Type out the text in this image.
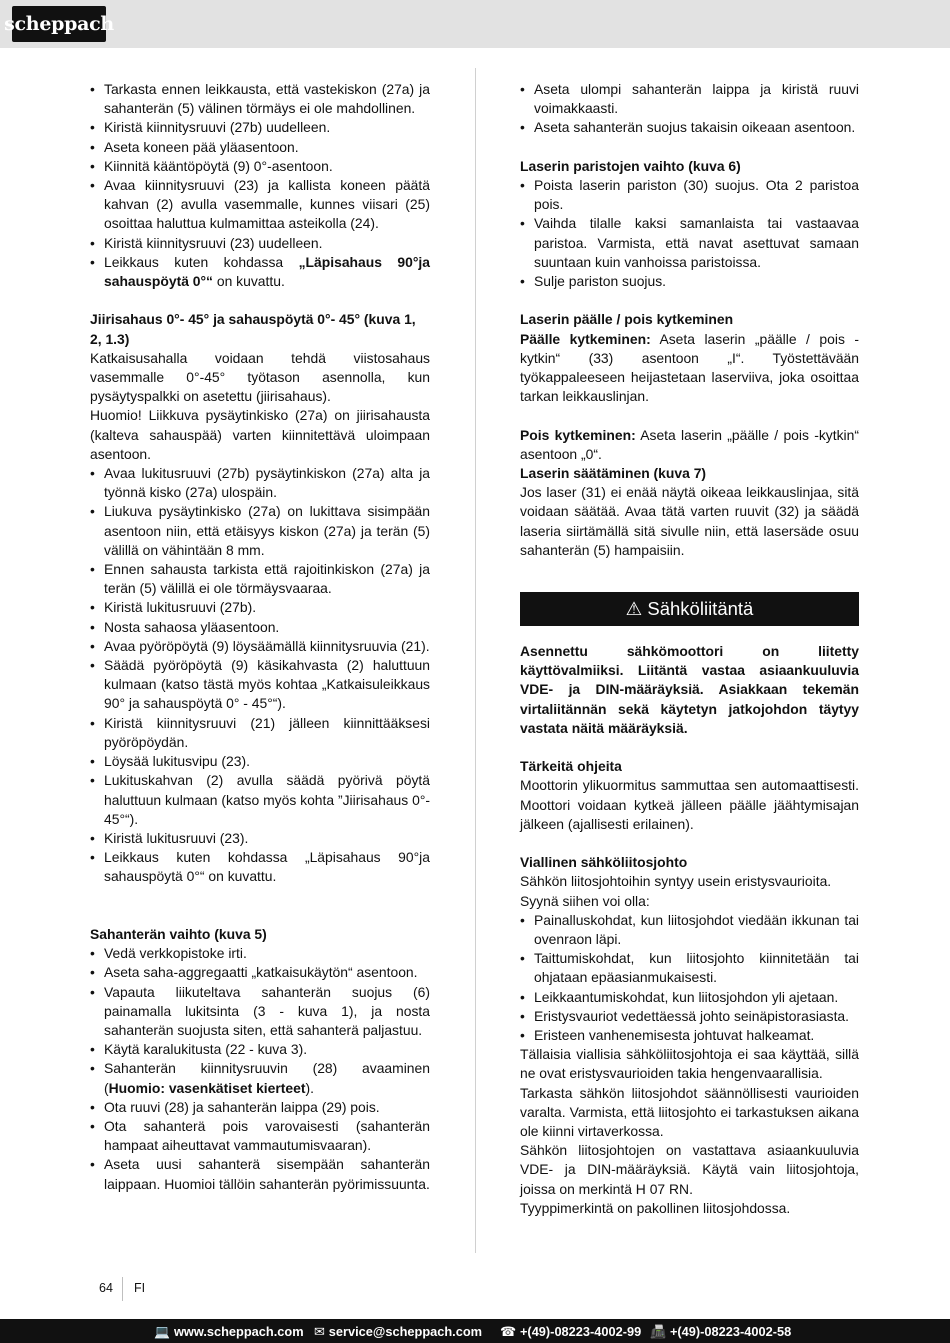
scheppach
• Tarkasta ennen leikkausta, että vastekiskon (27a) ja sahanterän (5) välinen törmäys ei ole mahdollinen.
• Kiristä kiinnitysruuvi (27b) uudelleen.
• Aseta koneen pää yläasentoon.
• Kiinnitä kääntöpöytä (9) 0°-asentoon.
• Avaa kiinnitysruuvi (23) ja kallista koneen päätä kahvan (2) avulla vasemmalle, kunnes viisari (25) osoittaa haluttua kulmamittaa asteikolla (24).
• Kiristä kiinnitysruuvi (23) uudelleen.
• Leikkaus kuten kohdassa „Läpisahaus 90°ja sahauspöytä 0°“ on kuvattu.
Jiirisahaus 0°- 45° ja sahauspöytä 0°- 45° (kuva 1, 2, 1.3)

Katkaisusahalla voidaan tehdä viistosahaus vasemmalle 0°-45° työtason asennolla, kun pysäytyspalkki on asetettu (jiirisahaus).

Huomio! Liikkuva pysäytinkisko (27a) on jiirisahausta (kalteva sahauspää) varten kiinnitettävä uloimpaan asentoon.

• Avaa lukitusruuvi (27b) pysäytinkiskon (27a) alta ja työnnä kisko (27a) ulospäin.
• Liukuva pysäytinkisko (27a) on lukittava sisimpään asentoon niin, että etäisyys kiskon (27a) ja terän (5) välillä on vähintään 8 mm.
• Ennen sahausta tarkista että rajoitinkiskon (27a) ja terän (5) välillä ei ole törmäysvaaraa.
• Kiristä lukitusruuvi (27b).
• Nosta sahaosa yläasentoon.
• Avaa pyöröpöytä (9) löysäämällä kiinnitysruuvia (21).
• Säädä pyöröpöytä (9) käsikahvasta (2) haluttuun kulmaan (katso tästä myös kohtaa „Katkaisuleikkaus 90° ja sahauspöytä 0° - 45°“).
• Kiristä kiinnitysruuvi (21) jälleen kiinnittääksesi pyöröpöydän.
• Löysää lukitusvipu (23).
• Lukituskahvan (2) avulla säädä pyörivä pöytä haluttuun kulmaan (katso myös kohta ”Jiirisahaus 0°- 45°“).
• Kiristä lukitusruuvi (23).
• Leikkaus kuten kohdassa „Läpisahaus 90°ja sahauspöytä 0°“ on kuvattu.
Sahanterän vaihto (kuva 5)
• Vedä verkkopistoke irti.
• Aseta saha-aggregaatti „katkaisukäytön“ asentoon.
• Vapauta liikuteltava sahanterän suojus (6) painamalla lukitsinta (3 - kuva 1), ja nosta sahanterän suojusta siten, että sahanterä paljastuu.
• Käytä karalukitusta (22 - kuva 3).
• Sahanterän kiinnitysruuvin (28) avaaminen (Huomio: vasenkätiset kierteet).
• Ota ruuvi (28) ja sahanterän laippa (29) pois.
• Ota sahanterä pois varovaisesti (sahanterän hampaat aiheuttavat vammautumisvaaran).
• Aseta uusi sahanterä sisempään sahanterän laippaan. Huomioi tällöin sahanterän pyörimissuunta.
• Aseta ulompi sahanterän laippa ja kiristä ruuvi voimakkaasti.
• Aseta sahanterän suojus takaisin oikeaan asentoon.
Laserin paristojen vaihto (kuva 6)
• Poista laserin pariston (30) suojus. Ota 2 paristoa pois.
• Vaihda tilalle kaksi samanlaista tai vastaavaa paristoa. Varmista, että navat asettuvat samaan suuntaan kuin vanhoissa paristoissa.
• Sulje pariston suojus.
Laserin päälle / pois kytkeminen

Päälle kytkeminen: Aseta laserin „päälle / pois -kytkin“ (33) asentoon „I“. Työstettävään työkappaleeseen heijastetaan laserviiva, joka osoittaa tarkan leikkauslinjan.

Pois kytkeminen: Aseta laserin „päälle / pois -kytkin“ asentoon „0“.

Laserin säätäminen (kuva 7)

Jos laser (31) ei enää näytä oikeaa leikkauslinjaa, sitä voidaan säätää. Avaa tätä varten ruuvit (32) ja säädä laseria siirtämällä sitä sivulle niin, että lasersäde osuu sahanterän (5) hampaisiin.

⚠ Sähköliitäntä

Asennettu sähkömoottori on liitetty käyttövalmiiksi. Liitäntä vastaa asiaankuuluvia VDE- ja DIN-määräyksiä. Asiakkaan tekemän virtaliitännän sekä käytetyn jatkojohdon täytyy vastata näitä määräyksiä.

Tärkeitä ohjeita

Moottorin ylikuormitus sammuttaa sen automaattisesti. Moottori voidaan kytkeä jälleen päälle jäähtymisajan jälkeen (ajallisesti erilainen).

Viallinen sähköliitosjohto

Sähkön liitosjohtoihin syntyy usein eristysvaurioita.

Syynä siihen voi olla:

• Painalluskohdat, kun liitosjohdot viedään ikkunan tai ovenraon läpi.
• Taittumiskohdat, kun liitosjohto kiinnitetään tai ohjataan epäasianmukaisesti.
• Leikkaantumiskohdat, kun liitosjohdon yli ajetaan.
• Eristysvauriot vedettäessä johto seinäpistorasiasta.
• Eristeen vanhenemisesta johtuvat halkeamat.

Tällaisia viallisia sähköliitosjohtoja ei saa käyttää, sillä ne ovat eristysvaurioiden takia hengenvaarallisia.

Tarkasta sähkön liitosjohdot säännöllisesti vaurioiden varalta. Varmista, että liitosjohto ei tarkastuksen aikana ole kiinni virtaverkossa.

Sähkön liitosjohtojen on vastattava asiaankuuluvia VDE- ja DIN-määräyksiä. Käytä vain liitosjohtoja, joissa on merkintä H 07 RN.

Tyyppimerkintä on pakollinen liitosjohdossa.

64 FI
💻 www.scheppach.com ✉ service@scheppach.com ☎ +(49)-08223-4002-99 📠 +(49)-08223-4002-58
